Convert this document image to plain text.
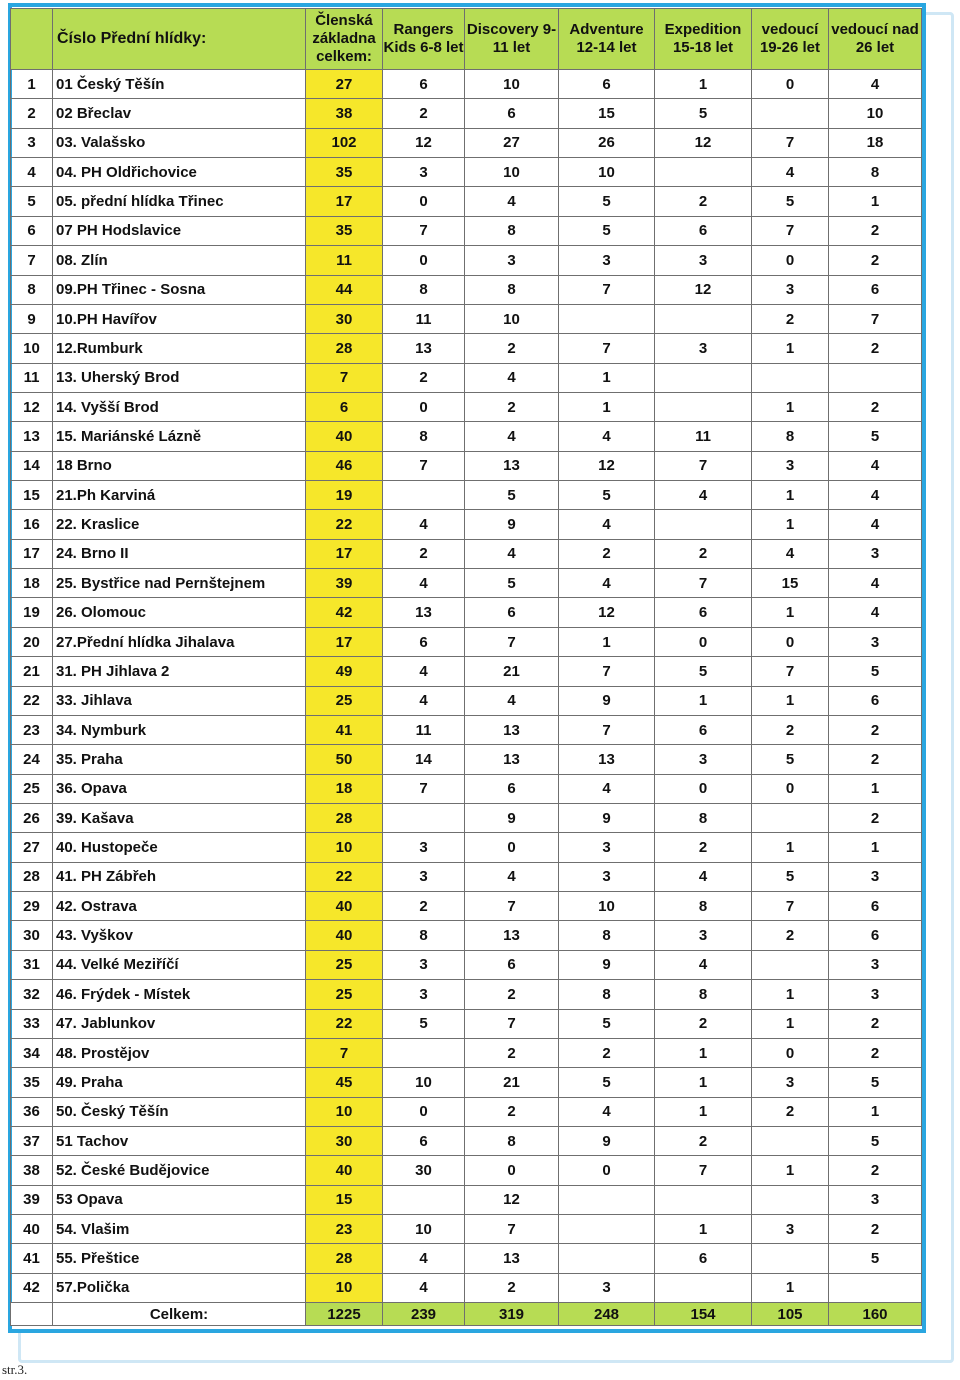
	Číslo Přední hlídky:	Členská základna celkem:	Rangers Kids 6-8 let	Discovery 9-11 let	Adventure 12-14 let	Expedition 15-18 let	vedoucí 19-26 let	vedoucí nad 26 let
1	01 Český Těšín	27	6	10	6	1	0	4
2	02 Břeclav	38	2	6	15	5		10
3	03. Valašsko	102	12	27	26	12	7	18
4	04. PH Oldřichovice	35	3	10	10		4	8
5	05. přední hlídka Třinec	17	0	4	5	2	5	1
6	07 PH Hodslavice	35	7	8	5	6	7	2
7	08. Zlín	11	0	3	3	3	0	2
8	09.PH Třinec - Sosna	44	8	8	7	12	3	6
9	10.PH Havířov	30	11	10			2	7
10	12.Rumburk	28	13	2	7	3	1	2
11	13. Uherský Brod	7	2	4	1			
12	14. Vyšší Brod	6	0	2	1		1	2
13	15. Mariánské Lázně	40	8	4	4	11	8	5
14	18 Brno	46	7	13	12	7	3	4
15	21.Ph Karviná	19		5	5	4	1	4
16	22. Kraslice	22	4	9	4		1	4
17	24. Brno II	17	2	4	2	2	4	3
18	25. Bystřice nad Pernštejnem	39	4	5	4	7	15	4
19	26. Olomouc	42	13	6	12	6	1	4
20	27.Přední hlídka Jihalava	17	6	7	1	0	0	3
21	31. PH Jihlava 2	49	4	21	7	5	7	5
22	33. Jihlava	25	4	4	9	1	1	6
23	34. Nymburk	41	11	13	7	6	2	2
24	35. Praha	50	14	13	13	3	5	2
25	36. Opava	18	7	6	4	0	0	1
26	39. Kašava	28		9	9	8		2
27	40. Hustopeče	10	3	0	3	2	1	1
28	41. PH Zábřeh	22	3	4	3	4	5	3
29	42. Ostrava	40	2	7	10	8	7	6
30	43. Vyškov	40	8	13	8	3	2	6
31	44. Velké Meziříčí	25	3	6	9	4		3
32	46. Frýdek - Místek	25	3	2	8	8	1	3
33	47. Jablunkov	22	5	7	5	2	1	2
34	48. Prostějov	7		2	2	1	0	2
35	49. Praha	45	10	21	5	1	3	5
36	50. Český Těšín	10	0	2	4	1	2	1
37	51 Tachov	30	6	8	9	2		5
38	52. České Budějovice	40	30	0	0	7	1	2
39	53 Opava	15		12				3
40	54. Vlašim	23	10	7		1	3	2
41	55. Přeštice	28	4	13		6		5
42	57.Polička	10	4	2	3		1	
	Celkem:	1225	239	319	248	154	105	160
str.3.
